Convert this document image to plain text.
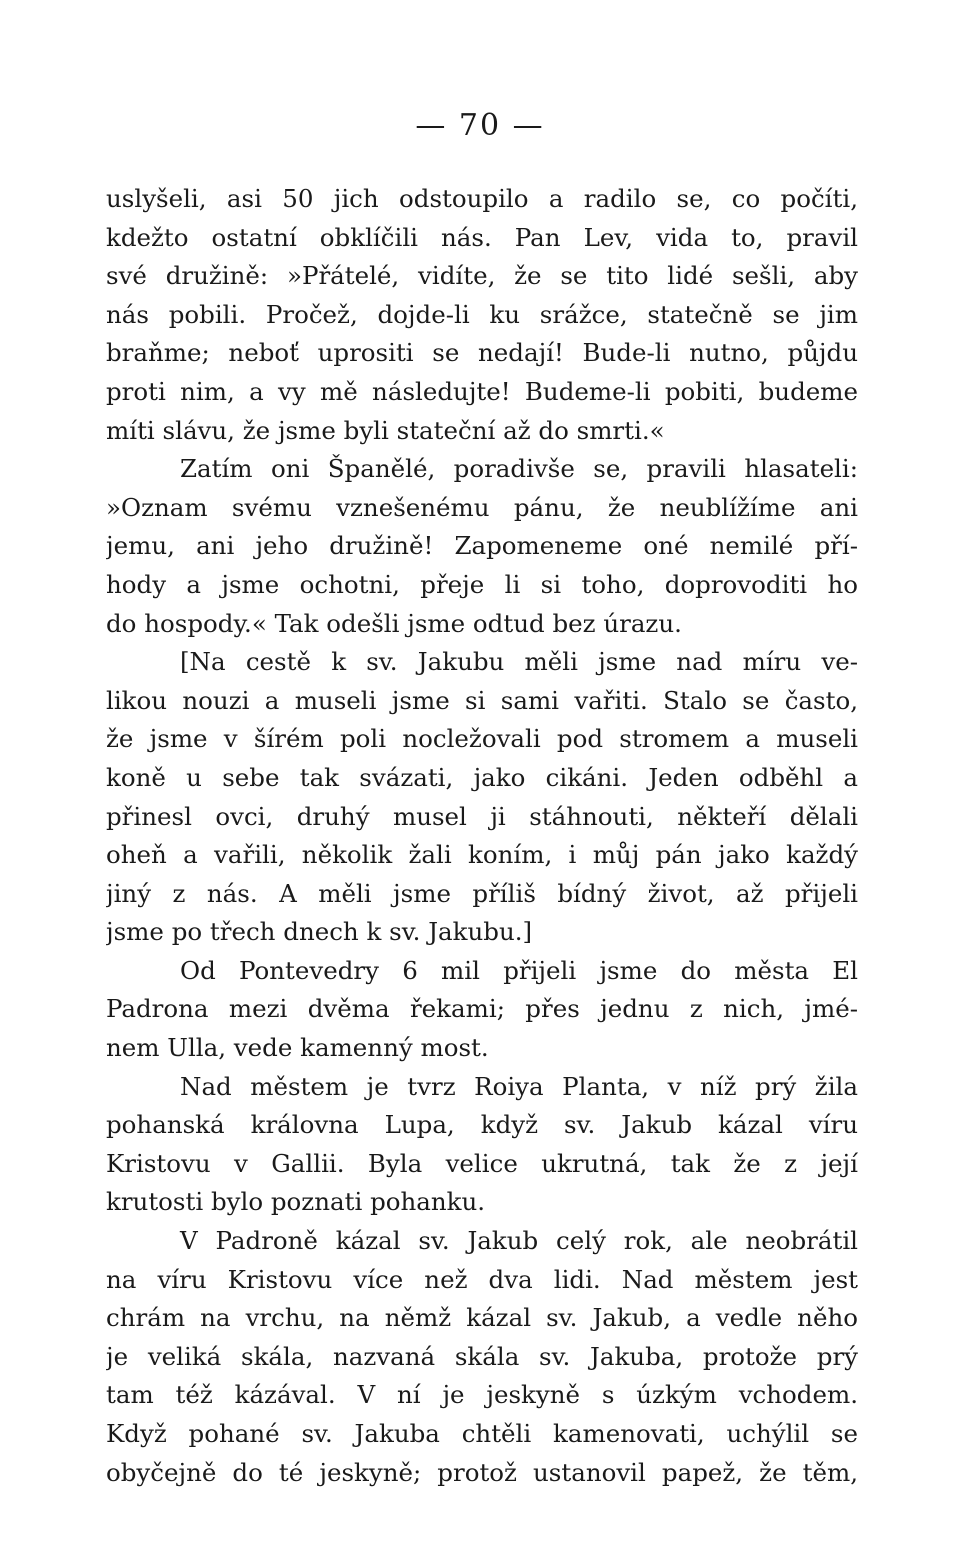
— 70 —
uslyšeli, asi 50 jich odstoupilo a radilo se, co počíti,
kdežto ostatní obklíčili nás. Pan Lev, vida to, pravil
své družině: »Přátelé, vidíte, že se tito lidé sešli, aby
nás pobili. Pročež, dojde-li ku srážce, statečně se jim
braňme; neboť uprositi se nedají! Bude-li nutno, půjdu
proti nim, a vy mě následujte! Budeme-li pobiti, budeme
míti slávu, že jsme byli stateční až do smrti.«
Zatím oni Španělé, poradivše se, pravili hlasateli:
»Oznam svému vznešenému pánu, že neublížíme ani
jemu, ani jeho družině! Zapomeneme oné nemilé pří-
hody a jsme ochotni, přeje li si toho, doprovoditi ho
do hospody.« Tak odešli jsme odtud bez úrazu.
[Na cestě k sv. Jakubu měli jsme nad míru ve-
likou nouzi a museli jsme si sami vařiti. Stalo se často,
že jsme v šírém poli nocležovali pod stromem a museli
koně u sebe tak svázati, jako cikáni. Jeden odběhl a
přinesl ovci, druhý musel ji stáhnouti, někteří dělali
oheň a vařili, několik žali koním, i můj pán jako každý
jiný z nás. A měli jsme příliš bídný život, až přijeli
jsme po třech dnech k sv. Jakubu.]
Od Pontevedry 6 mil přijeli jsme do města El
Padrona mezi dvěma řekami; přes jednu z nich, jmé-
nem Ulla, vede kamenný most.
Nad městem je tvrz Roiya Planta, v níž prý žila
pohanská královna Lupa, když sv. Jakub kázal víru
Kristovu v Gallii. Byla velice ukrutná, tak že z její
krutosti bylo poznati pohanku.
V Padroně kázal sv. Jakub celý rok, ale neobrátil
na víru Kristovu více než dva lidi. Nad městem jest
chrám na vrchu, na němž kázal sv. Jakub, a vedle něho
je veliká skála, nazvaná skála sv. Jakuba, protože prý
tam též kázával. V ní je jeskyně s úzkým vchodem.
Když pohané sv. Jakuba chtěli kamenovati, uchýlil se
obyčejně do té jeskyně; protož ustanovil papež, že těm,
